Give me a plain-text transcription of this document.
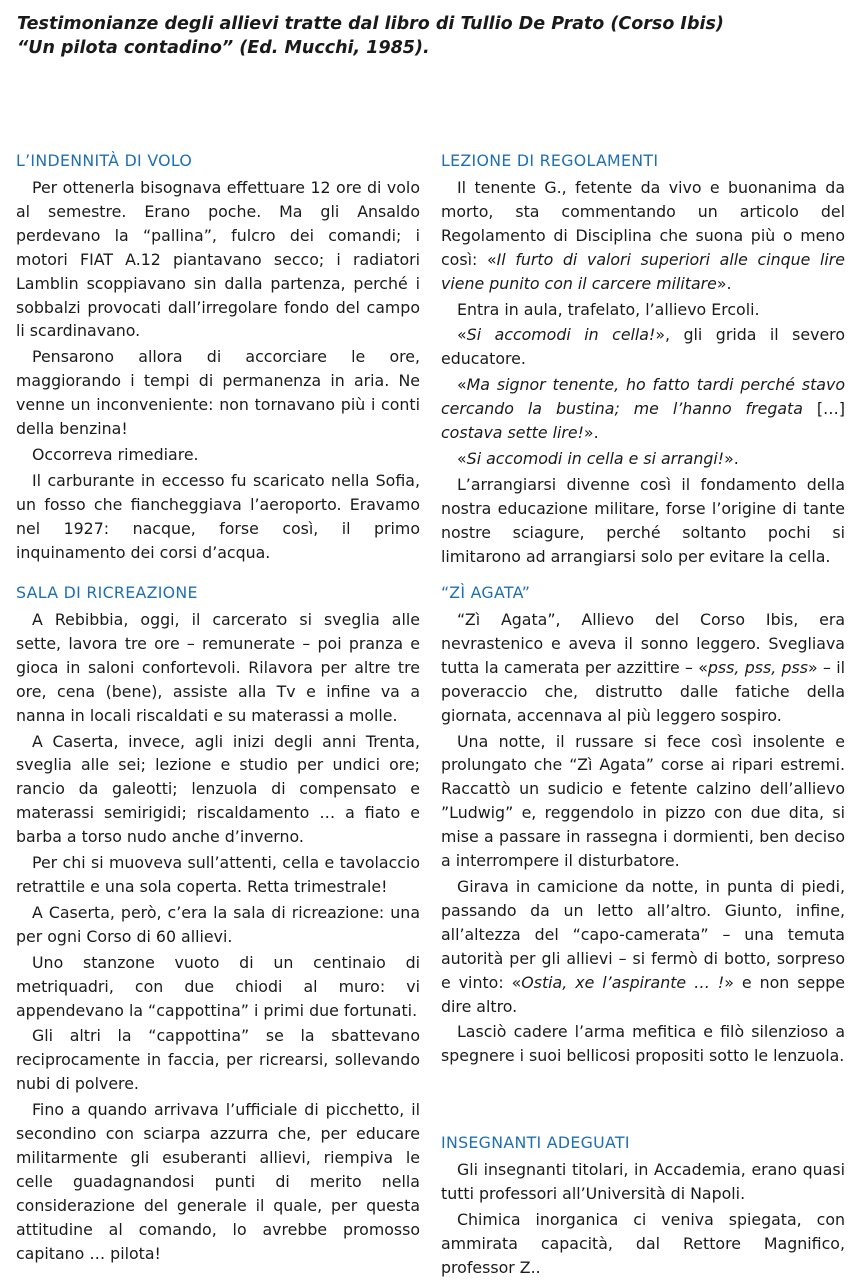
Testimonianze degli allievi tratte dal libro di Tullio De Prato (Corso Ibis)
“Un pilota contadino” (Ed. Mucchi, 1985).
L’INDENNITÀ DI VOLO

Per ottenerla bisognava effettuare 12 ore di volo al semestre. Erano poche. Ma gli Ansaldo perdevano la “pallina”, fulcro dei comandi; i motori FIAT A.12 piantavano secco; i radiatori Lamblin scoppiavano sin dalla partenza, perché i sobbalzi provocati dall’irregolare fondo del campo li scardinavano.

Pensarono allora di accorciare le ore, maggiorando i tempi di permanenza in aria. Ne venne un inconveniente: non tornavano più i conti della benzina!

Occorreva rimediare.

Il carburante in eccesso fu scaricato nella Sofia, un fosso che fiancheggiava l’aeroporto. Eravamo nel 1927: nacque, forse così, il primo inquinamento dei corsi d’acqua.

SALA DI RICREAZIONE

A Rebibbia, oggi, il carcerato si sveglia alle sette, lavora tre ore – remunerate – poi pranza e gioca in saloni confortevoli. Rilavora per altre tre ore, cena (bene), assiste alla Tv e infine va a nanna in locali riscaldati e su materassi a molle.

A Caserta, invece, agli inizi degli anni Trenta, sveglia alle sei; lezione e studio per undici ore; rancio da galeotti; lenzuola di compensato e materassi semirigidi; riscaldamento … a fiato e barba a torso nudo anche d’inverno.

Per chi si muoveva sull’attenti, cella e tavolaccio retrattile e una sola coperta. Retta trimestrale!

A Caserta, però, c’era la sala di ricreazione: una per ogni Corso di 60 allievi.

Uno stanzone vuoto di un centinaio di metriquadri, con due chiodi al muro: vi appendevano la “cappottina” i primi due fortunati.

Gli altri la “cappottina” se la sbattevano reciprocamente in faccia, per ricrearsi, sollevando nubi di polvere.

Fino a quando arrivava l’ufficiale di picchetto, il secondino con sciarpa azzurra che, per educare militarmente gli esuberanti allievi, riempiva le celle guadagnandosi punti di merito nella considerazione del generale il quale, per questa attitudine al comando, lo avrebbe promosso capitano … pilota!

LEZIONE DI REGOLAMENTI

Il tenente G., fetente da vivo e buonanima da morto, sta commentando un articolo del Regolamento di Disciplina che suona più o meno così: «Il furto di valori superiori alle cinque lire viene punito con il carcere militare».

Entra in aula, trafelato, l’allievo Ercoli.

«Si accomodi in cella!», gli grida il severo educatore.

«Ma signor tenente, ho fatto tardi perché stavo cercando la bustina; me l’hanno fregata […] costava sette lire!».

«Si accomodi in cella e si arrangi!».

L’arrangiarsi divenne così il fondamento della nostra educazione militare, forse l’origine di tante nostre sciagure, perché soltanto pochi si limitarono ad arrangiarsi solo per evitare la cella.

“ZÌ AGATA”

“Zì Agata”, Allievo del Corso Ibis, era nevrastenico e aveva il sonno leggero. Svegliava tutta la camerata per azzittire – «pss, pss, pss» – il poveraccio che, distrutto dalle fatiche della giornata, accennava al più leggero sospiro.

Una notte, il russare si fece così insolente e prolungato che “Zì Agata” corse ai ripari estremi. Raccattò un sudicio e fetente calzino dell’allievo ”Ludwig” e, reggendolo in pizzo con due dita, si mise a passare in rassegna i dormienti, ben deciso a interrompere il disturbatore.

Girava in camicione da notte, in punta di piedi, passando da un letto all’altro. Giunto, infine, all’altezza del “capo-camerata” – una temuta autorità per gli allievi – si fermò di botto, sorpreso e vinto: «Ostia, xe l’aspirante … !» e non seppe dire altro.

Lasciò cadere l’arma mefitica e filò silenzioso a spegnere i suoi bellicosi propositi sotto le lenzuola.

INSEGNANTI ADEGUATI

Gli insegnanti titolari, in Accademia, erano quasi tutti professori all’Università di Napoli.

Chimica inorganica ci veniva spiegata, con ammirata capacità, dal Rettore Magnifico, professor Z..
